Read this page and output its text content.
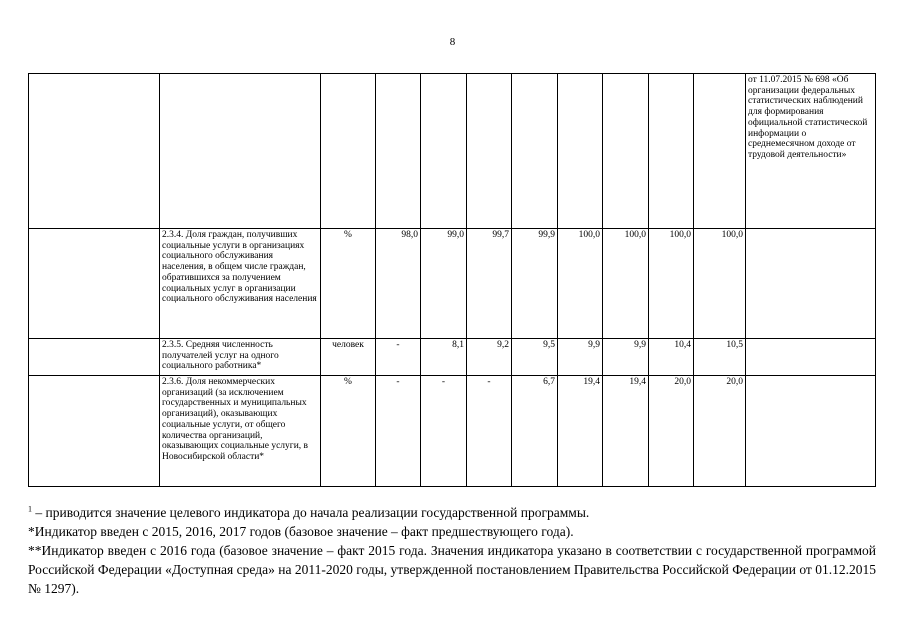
8
											от 11.07.2015 № 698 «Об организации федеральных статистических наблюдений для формирования официальной статистической информации о среднемесячном доходе от трудовой деятельности»
	2.3.4. Доля граждан, получивших социальные услуги в организациях социального обслуживания населения, в общем числе граждан, обратившихся за получением социальных услуг в организации социального обслуживания населения	%	98,0	99,0	99,7	99,9	100,0	100,0	100,0	100,0	
	2.3.5. Средняя численность получателей услуг на одного социального работника*	человек	-	8,1	9,2	9,5	9,9	9,9	10,4	10,5	
	2.3.6. Доля некоммерческих организаций (за исключением государственных и муниципальных организаций), оказывающих социальные услуги, от общего количества организаций, оказывающих социальные услуги, в Новосибирской области*	%	-	-	-	6,7	19,4	19,4	20,0	20,0	

$^1$ – приводится значение целевого индикатора до начала реализации государственной программы.

*Индикатор введен с 2015, 2016, 2017 годов (базовое значение – факт предшествующего года).

**Индикатор введен с 2016 года (базовое значение – факт 2015 года. Значения индикатора указано в соответствии с государственной программой Российской Федерации «Доступная среда» на 2011-2020 годы, утвержденной постановлением Правительства Российской Федерации от 01.12.2015 № 1297).
